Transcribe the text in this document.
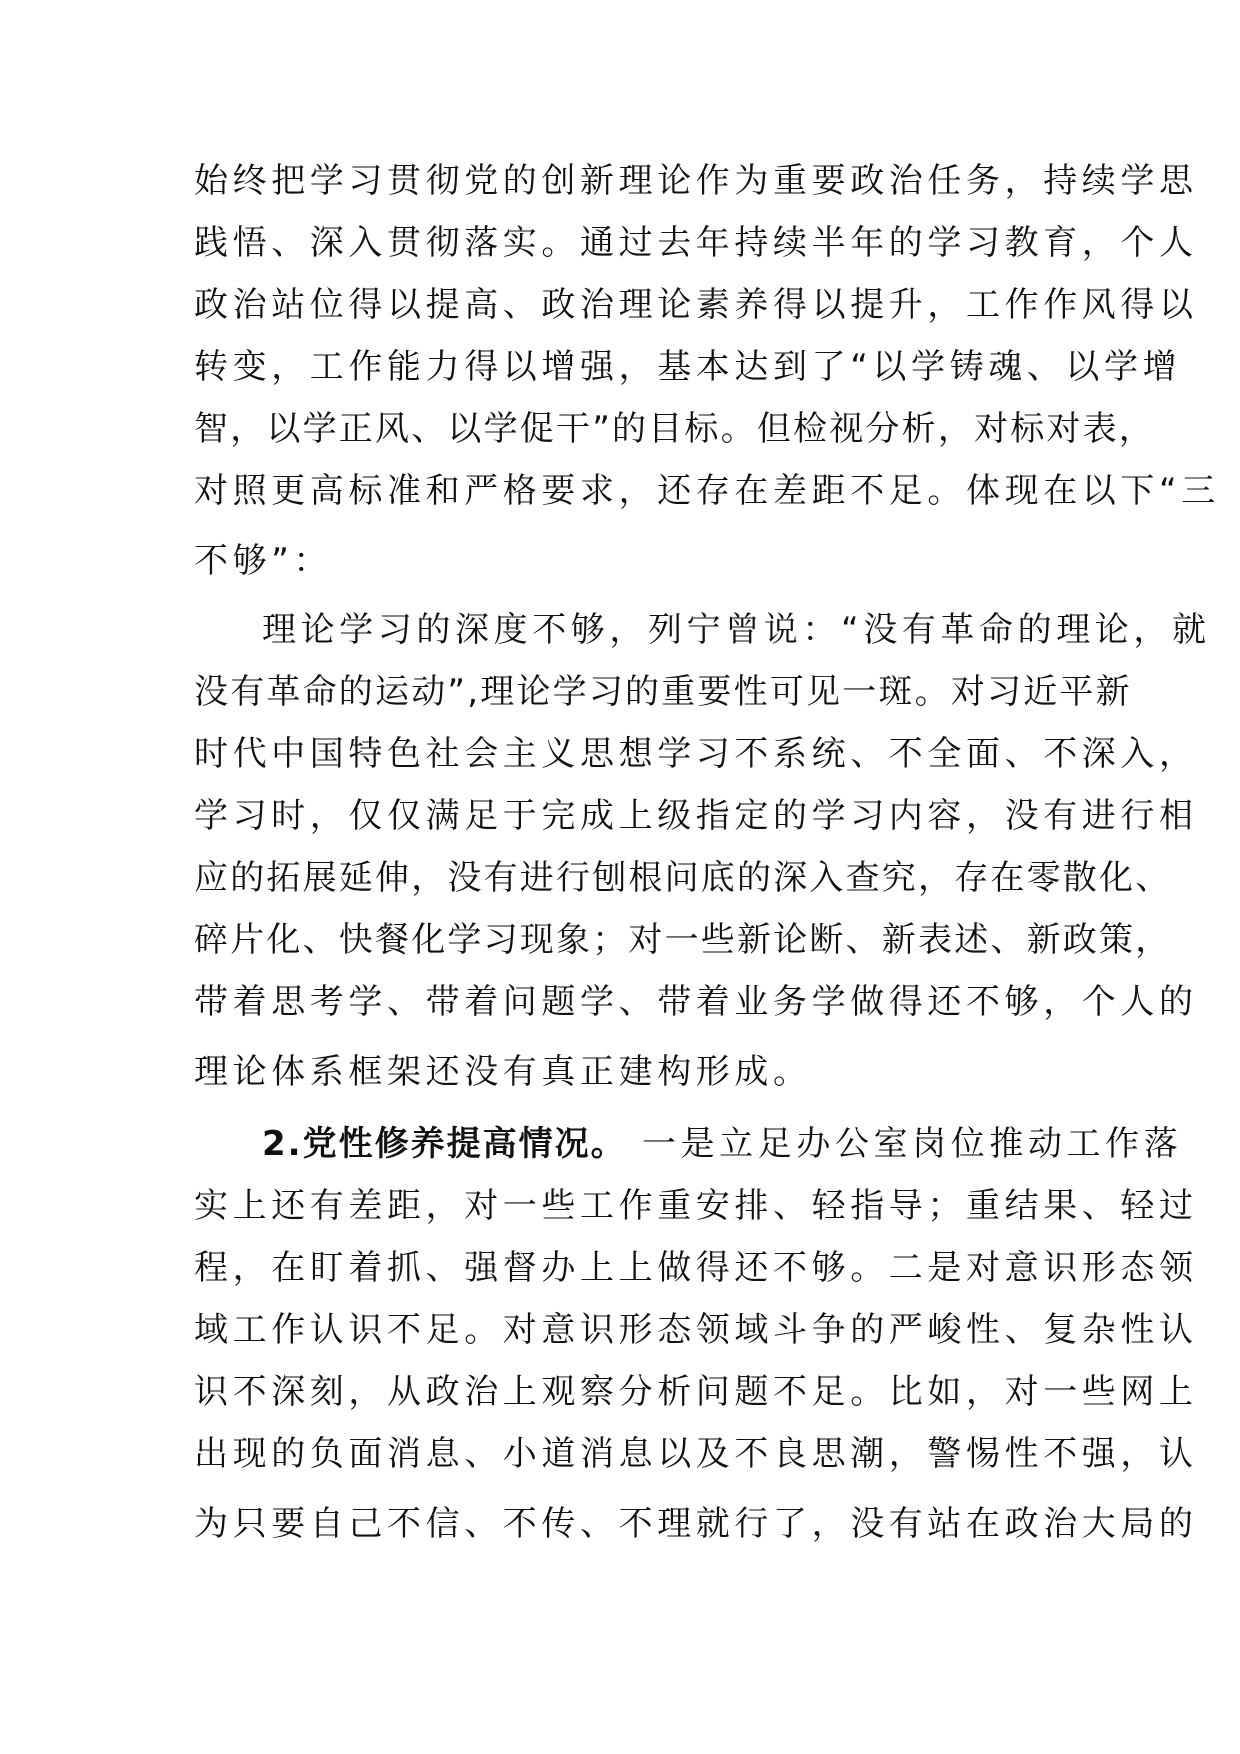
始终把学习贯彻党的创新理论作为重要政治任务，持续学思
践悟、深入贯彻落实。通过去年持续半年的学习教育，个人
政治站位得以提高、政治理论素养得以提升，工作作风得以
转变，工作能力得以增强，基本达到了“以学铸魂、以学增
智，以学正风、以学促干”的目标。但检视分析，对标对表，
对照更高标准和严格要求，还存在差距不足。体现在以下“三
不够”：
理论学习的深度不够，列宁曾说：“没有革命的理论，就
没有革命的运动”,理论学习的重要性可见一斑。对习近平新
时代中国特色社会主义思想学习不系统、不全面、不深入，
学习时，仅仅满足于完成上级指定的学习内容，没有进行相
应的拓展延伸，没有进行刨根问底的深入查究，存在零散化、
碎片化、快餐化学习现象；对一些新论断、新表述、新政策，
带着思考学、带着问题学、带着业务学做得还不够，个人的
理论体系框架还没有真正建构形成。
2.党性修养提高情况。 一是立足办公室岗位推动工作落
实上还有差距，对一些工作重安排、轻指导；重结果、轻过
程，在盯着抓、强督办上上做得还不够。二是对意识形态领
域工作认识不足。对意识形态领域斗争的严峻性、复杂性认
识不深刻，从政治上观察分析问题不足。比如，对一些网上
出现的负面消息、小道消息以及不良思潮，警惕性不强，认
为只要自己不信、不传、不理就行了，没有站在政治大局的
